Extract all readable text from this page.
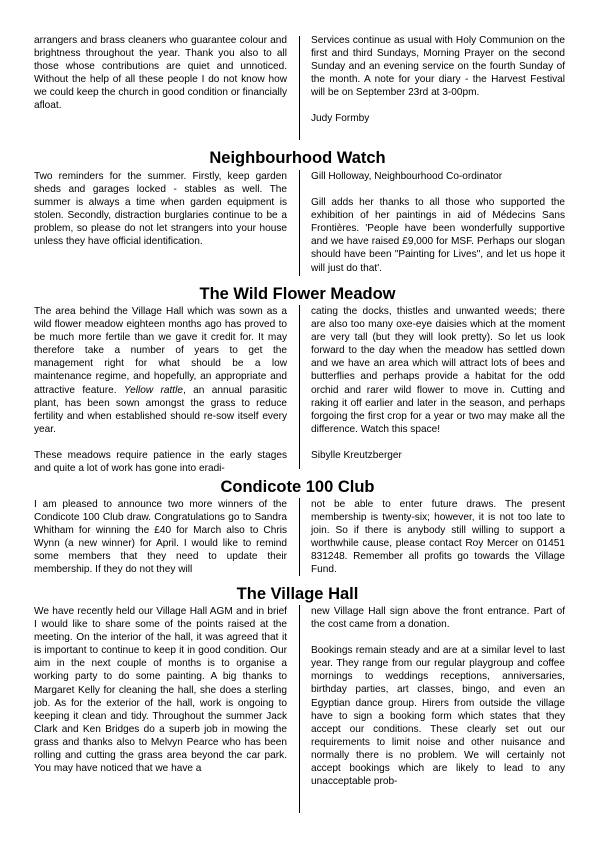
arrangers and brass cleaners who guarantee colour and brightness throughout the year. Thank you also to all those whose contributions are quiet and unnoticed. Without the help of all these people I do not know how we could keep the church in good condition or financially afloat.

Services continue as usual with Holy Communion on the first and third Sundays, Morning Prayer on the second Sunday and an evening service on the fourth Sunday of the month. A note for your diary - the Harvest Festival will be on September 23rd at 3-00pm.

Judy Formby

Neighbourhood Watch

Two reminders for the summer. Firstly, keep garden sheds and garages locked - stables as well. The summer is always a time when garden equipment is stolen. Secondly, distraction burglaries continue to be a problem, so please do not let strangers into your house unless they have official identification.

Gill Holloway, Neighbourhood Co-ordinator

Gill adds her thanks to all those who supported the exhibition of her paintings in aid of Médecins Sans Frontières. 'People have been wonderfully supportive and we have raised £9,000 for MSF. Perhaps our slogan should have been "Painting for Lives", and let us hope it will just do that'.

The Wild Flower Meadow

The area behind the Village Hall which was sown as a wild flower meadow eighteen months ago has proved to be much more fertile than we gave it credit for. It may therefore take a number of years to get the management right for what should be a low maintenance regime, and hopefully, an appropriate and attractive feature. Yellow rattle, an annual parasitic plant, has been sown amongst the grass to reduce fertility and when established should re-sow itself every year.

These meadows require patience in the early stages and quite a lot of work has gone into eradi-

cating the docks, thistles and unwanted weeds; there are also too many oxe-eye daisies which at the moment are very tall (but they will look pretty). So let us look forward to the day when the meadow has settled down and we have an area which will attract lots of bees and butterflies and perhaps provide a habitat for the odd orchid and rarer wild flower to move in. Cutting and raking it off earlier and later in the season, and perhaps forgoing the first crop for a year or two may make all the difference. Watch this space!

Sibylle Kreutzberger

Condicote 100 Club

I am pleased to announce two more winners of the Condicote 100 Club draw. Congratulations go to Sandra Whitham for winning the £40 for March also to Chris Wynn (a new winner) for April. I would like to remind some members that they need to update their membership. If they do not they will

not be able to enter future draws. The present membership is twenty-six; however, it is not too late to join. So if there is anybody still willing to support a worthwhile cause, please contact Roy Mercer on 01451 831248. Remember all profits go towards the Village Fund.

The Village Hall

We have recently held our Village Hall AGM and in brief I would like to share some of the points raised at the meeting. On the interior of the hall, it was agreed that it is important to continue to keep it in good condition. Our aim in the next couple of months is to organise a working party to do some painting. A big thanks to Margaret Kelly for cleaning the hall, she does a sterling job. As for the exterior of the hall, work is ongoing to keeping it clean and tidy. Throughout the summer Jack Clark and Ken Bridges do a superb job in mowing the grass and thanks also to Melvyn Pearce who has been rolling and cutting the grass area beyond the car park. You may have noticed that we have a

new Village Hall sign above the front entrance. Part of the cost came from a donation.

Bookings remain steady and are at a similar level to last year. They range from our regular playgroup and coffee mornings to weddings receptions, anniversaries, birthday parties, art classes, bingo, and even an Egyptian dance group. Hirers from outside the village have to sign a booking form which states that they accept our conditions. These clearly set out our requirements to limit noise and other nuisance and normally there is no problem. We will certainly not accept bookings which are likely to lead to any unacceptable prob-
